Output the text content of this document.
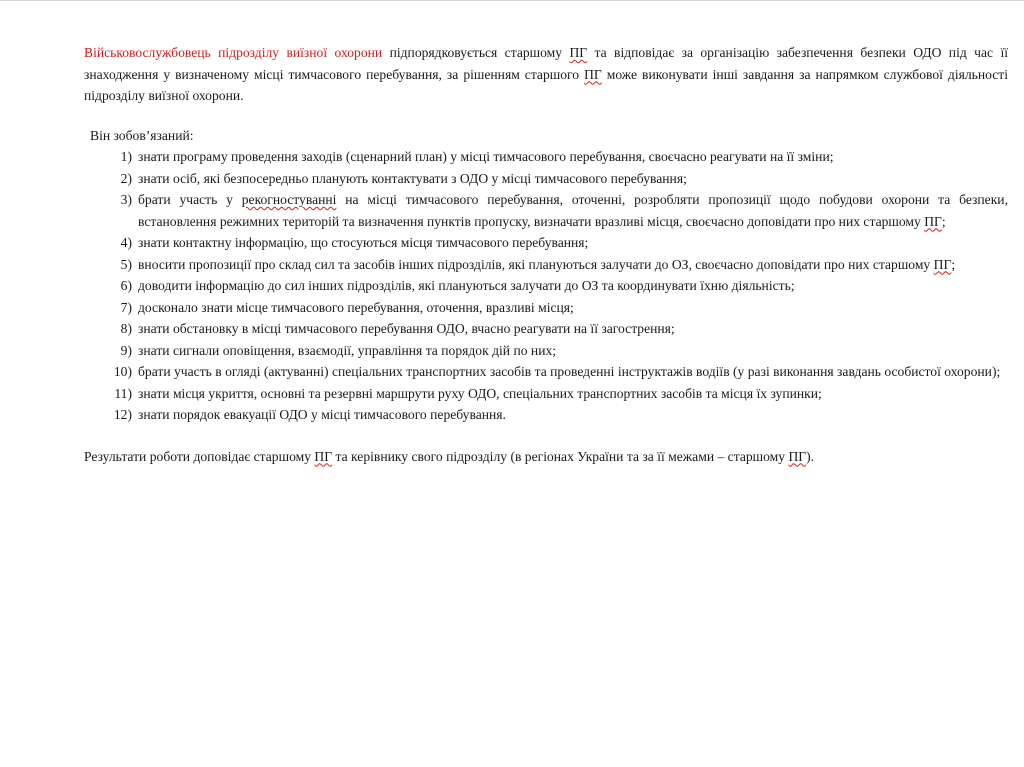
Військовослужбовець підрозділу виїзної охорони підпорядковується старшому ПГ та відповідає за організацію забезпечення безпеки ОДО під час її знаходження у визначеному місці тимчасового перебування, за рішенням старшого ПГ може виконувати інші завдання за напрямком службової діяльності підрозділу виїзної охорони.

Він зобов’язаний:
1) знати програму проведення заходів (сценарний план) у місці тимчасового перебування, своєчасно реагувати на її зміни;
2) знати осіб, які безпосередньо планують контактувати з ОДО у місці тимчасового перебування;
3) брати участь у рекогностуванні на місці тимчасового перебування, оточенні, розробляти пропозиції щодо побудови охорони та безпеки, встановлення режимних територій та визначення пунктів пропуску, визначати вразливі місця, своєчасно доповідати про них старшому ПГ;
4) знати контактну інформацію, що стосуються місця тимчасового перебування;
5) вносити пропозиції про склад сил та засобів інших підрозділів, які плануються залучати до ОЗ, своєчасно доповідати про них старшому ПГ;
6) доводити інформацію до сил інших підрозділів, які плануються залучати до ОЗ та координувати їхню діяльність;
7) досконало знати місце тимчасового перебування, оточення, вразливі місця;
8) знати обстановку в місці тимчасового перебування ОДО, вчасно реагувати на її загострення;
9) знати сигнали оповіщення, взаємодії, управління та порядок дій по них;
10) брати участь в огляді (актуванні) спеціальних транспортних засобів та проведенні інструктажів водіїв (у разі виконання завдань особистої охорони);
11) знати місця укриття, основні та резервні маршрути руху ОДО, спеціальних транспортних засобів та місця їх зупинки;
12) знати порядок евакуації ОДО у місці тимчасового перебування.

Результати роботи доповідає старшому ПГ та керівнику свого підрозділу (в регіонах України та за її межами – старшому ПГ).
